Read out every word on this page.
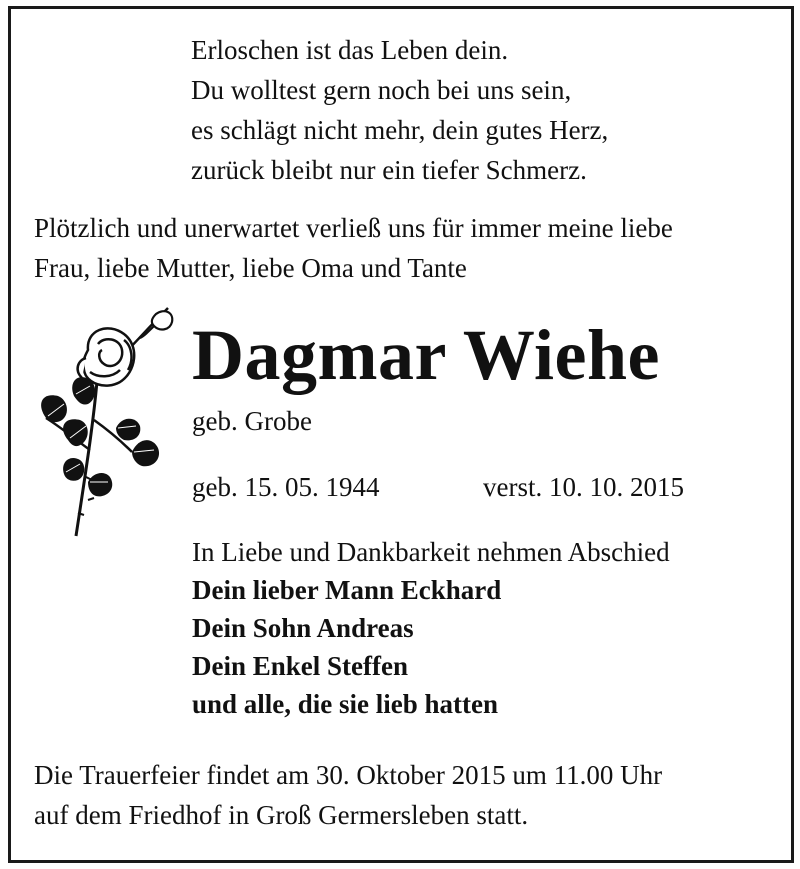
Erloschen ist das Leben dein.
Du wolltest gern noch bei uns sein,
es schlägt nicht mehr, dein gutes Herz,
zurück bleibt nur ein tiefer Schmerz.
Plötzlich und unerwartet verließ uns für immer meine liebe
Frau, liebe Mutter, liebe Oma und Tante
Dagmar Wiehe
geb. Grobe
geb. 15. 05. 1944	verst. 10. 10. 2015
In Liebe und Dankbarkeit nehmen Abschied
Dein lieber Mann Eckhard
Dein Sohn Andreas
Dein Enkel Steffen
und alle, die sie lieb hatten
Die Trauerfeier findet am 30. Oktober 2015 um 11.00 Uhr
auf dem Friedhof in Groß Germersleben statt.
